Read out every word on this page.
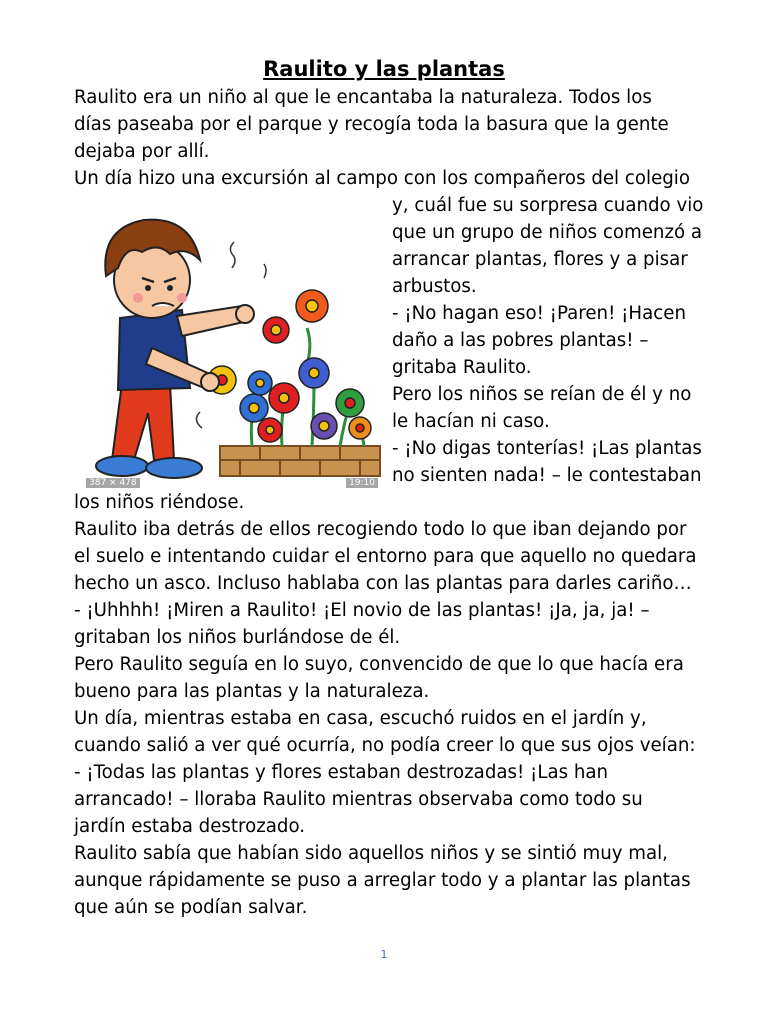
Raulito y las plantas
Raulito era un niño al que le encantaba la naturaleza. Todos los
días paseaba por el parque y recogía toda la basura que la gente
dejaba por allí.
Un día hizo una excursión al campo con los compañeros del colegio
387 × 478	19:10
y, cuál fue su sorpresa cuando vio
que un grupo de niños comenzó a
arrancar plantas, flores y a pisar
arbustos.
- ¡No hagan eso! ¡Paren! ¡Hacen
daño a las pobres plantas! –
gritaba Raulito.
Pero los niños se reían de él y no
le hacían ni caso.
- ¡No digas tonterías! ¡Las plantas
no sienten nada! – le contestaban
los niños riéndose.
Raulito iba detrás de ellos recogiendo todo lo que iban dejando por
el suelo e intentando cuidar el entorno para que aquello no quedara
hecho un asco. Incluso hablaba con las plantas para darles cariño…
- ¡Uhhhh! ¡Miren a Raulito! ¡El novio de las plantas! ¡Ja, ja, ja! –
gritaban los niños burlándose de él.
Pero Raulito seguía en lo suyo, convencido de que lo que hacía era
bueno para las plantas y la naturaleza.
Un día, mientras estaba en casa, escuchó ruidos en el jardín y,
cuando salió a ver qué ocurría, no podía creer lo que sus ojos veían:
- ¡Todas las plantas y flores estaban destrozadas! ¡Las han
arrancado! – lloraba Raulito mientras observaba como todo su
jardín estaba destrozado.
Raulito sabía que habían sido aquellos niños y se sintió muy mal,
aunque rápidamente se puso a arreglar todo y a plantar las plantas
que aún se podían salvar.
1
